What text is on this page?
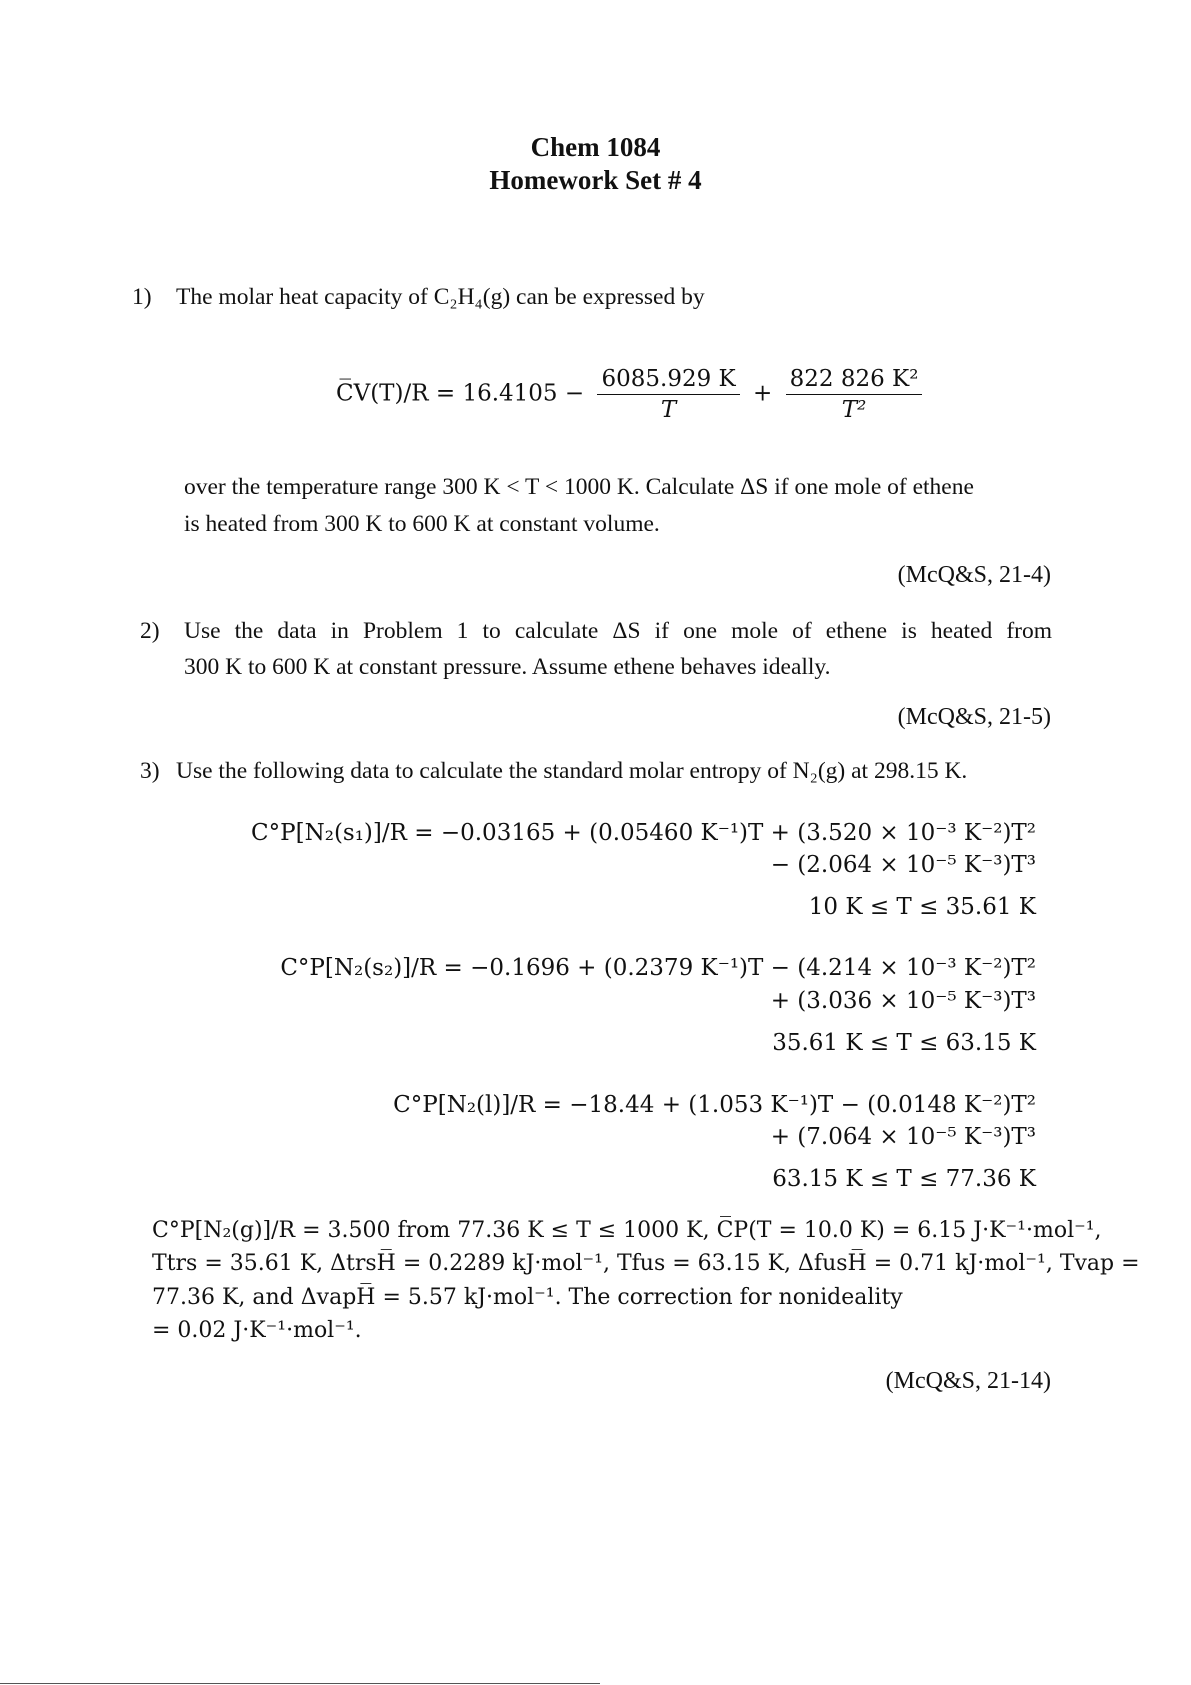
Chem 1084
Homework Set # 4
1) The molar heat capacity of C₂H₄(g) can be expressed by
C̅V(T)/R = $16.4105 - \frac{6085.929 K}{T} + \frac{\text{822 826 K²}}{\text{T²}}$
over the temperature range 300 K < T < 1000 K. Calculate ΔS if one mole of ethene
is heated from 300 K to 600 K at constant volume.
(McQ&S, 21-4)
2) Use the data in Problem 1 to calculate ΔS if one mole of ethene is heated from
300 K to 600 K at constant pressure. Assume ethene behaves ideally.
(McQ&S, 21-5)
3) Use the following data to calculate the standard molar entropy of N₂(g) at 298.15 K.
C°P[N₂(s₁)]/R = −0.03165 + (0.05460 K⁻¹)T + (3.520 × 10⁻³ K⁻²)T²
− (2.064 × 10⁻⁵ K⁻³)T³
10 K ≤ T ≤ 35.61 K
C°P[N₂(s₂)]/R = −0.1696 + (0.2379 K⁻¹)T − (4.214 × 10⁻³ K⁻²)T²
+ (3.036 × 10⁻⁵ K⁻³)T³
35.61 K ≤ T ≤ 63.15 K
C°P[N₂(l)]/R = −18.44 + (1.053 K⁻¹)T − (0.0148 K⁻²)T²
+ (7.064 × 10⁻⁵ K⁻³)T³
63.15 K ≤ T ≤ 77.36 K
C°P[N₂(g)]/R = 3.500 from 77.36 K ≤ T ≤ 1000 K, C̅P(T = 10.0 K) = 6.15 J·K⁻¹·mol⁻¹,
Ttrs = 35.61 K, ΔtrsH̅ = 0.2289 kJ·mol⁻¹, Tfus = 63.15 K, ΔfusH̅ = 0.71 kJ·mol⁻¹, Tvap =
77.36 K, and ΔvapH̅ = 5.57 kJ·mol⁻¹. The correction for nonideality
= 0.02 J·K⁻¹·mol⁻¹.
(McQ&S, 21-14)
